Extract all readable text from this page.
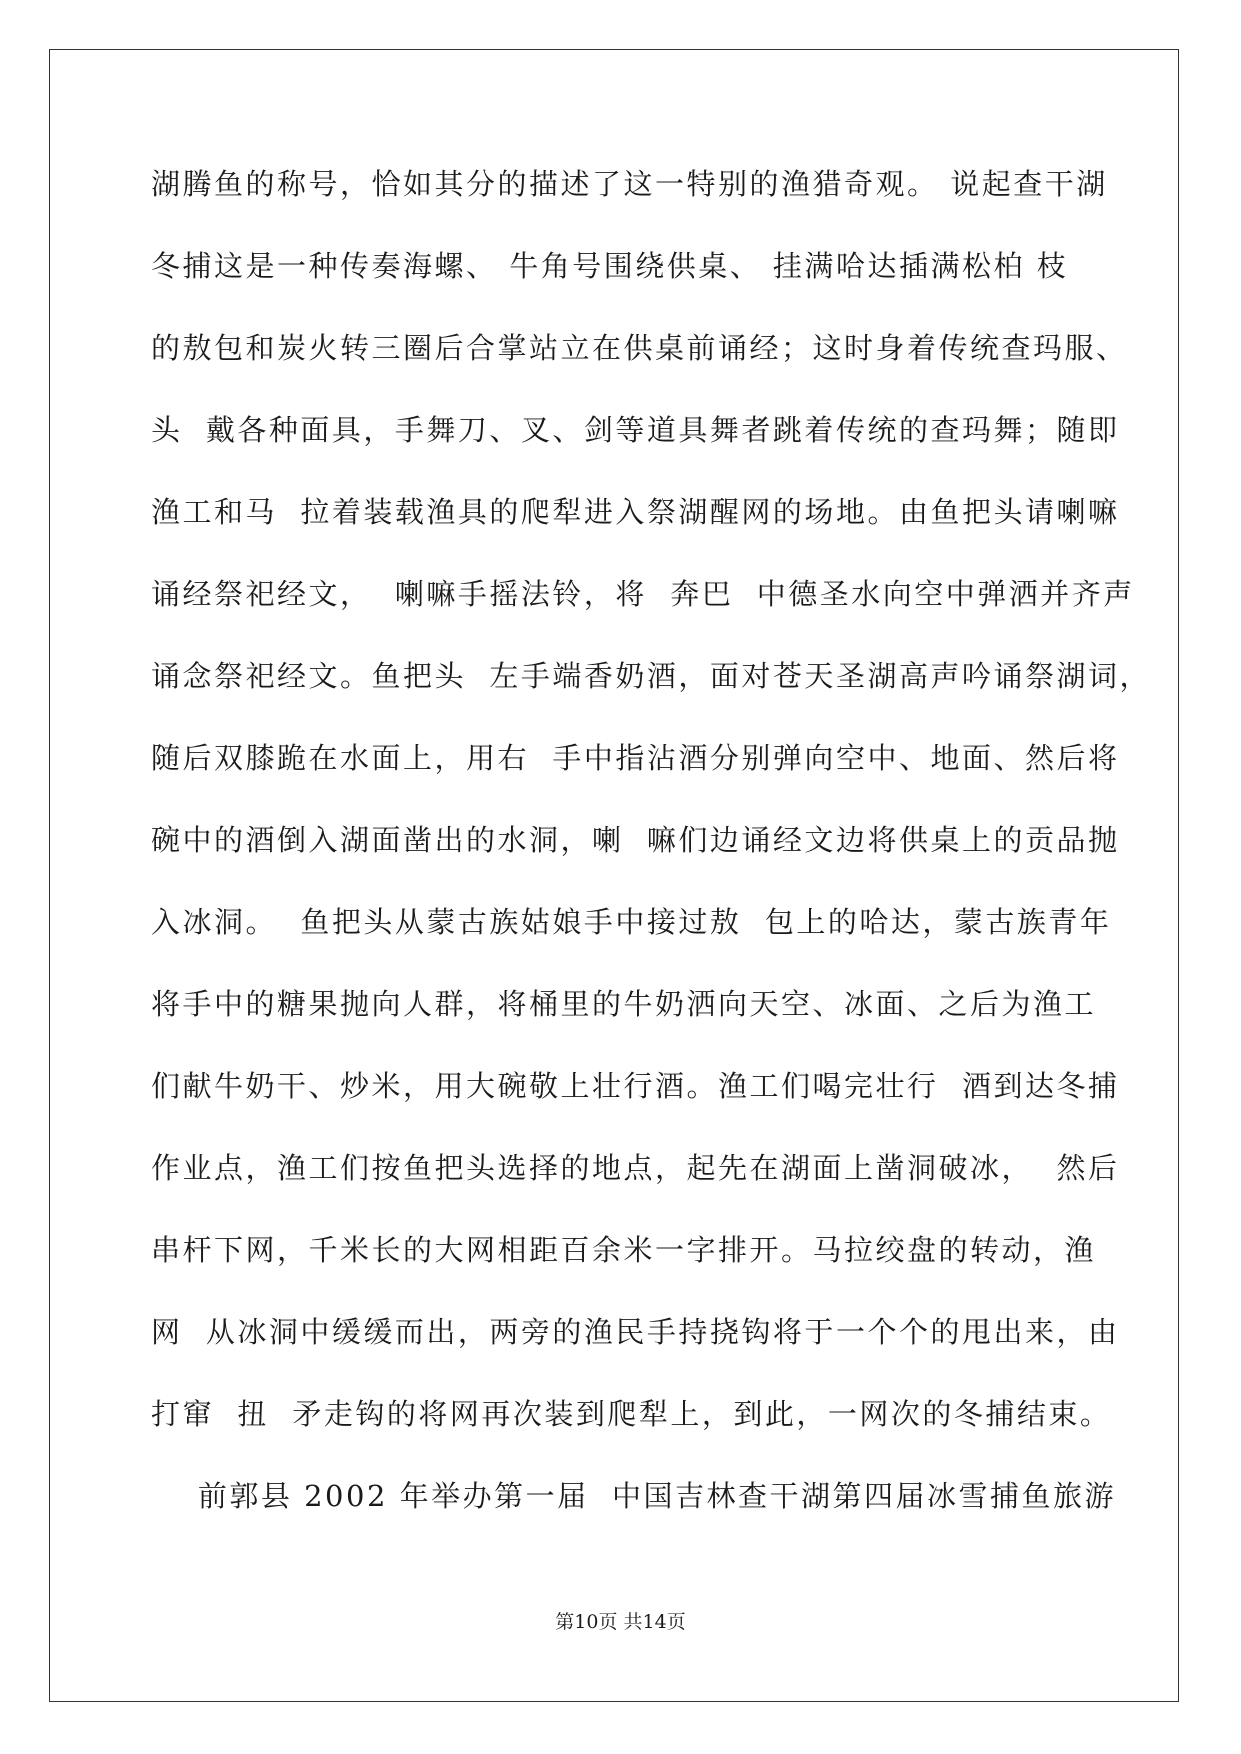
湖腾鱼的称号，恰如其分的描述了这一特别的渔猎奇观。 说起查干湖
冬捕这是一种传奏海螺、 牛角号围绕供桌、 挂满哈达插满松柏 枝
的敖包和炭火转三圈后合掌站立在供桌前诵经；这时身着传统查玛服、
头  戴各种面具，手舞刀、叉、剑等道具舞者跳着传统的查玛舞；随即
渔工和马  拉着装载渔具的爬犁进入祭湖醒网的场地。由鱼把头请喇嘛
诵经祭祀经文，  喇嘛手摇法铃，将  奔巴  中德圣水向空中弹洒并齐声
诵念祭祀经文。鱼把头  左手端香奶酒，面对苍天圣湖高声吟诵祭湖词，
随后双膝跪在水面上，用右  手中指沾酒分别弹向空中、地面、然后将
碗中的酒倒入湖面凿出的水洞，喇  嘛们边诵经文边将供桌上的贡品抛
入冰洞。  鱼把头从蒙古族姑娘手中接过敖  包上的哈达，蒙古族青年
将手中的糖果抛向人群，将桶里的牛奶洒向天空、冰面、之后为渔工
们献牛奶干、炒米，用大碗敬上壮行酒。渔工们喝完壮行  酒到达冬捕
作业点，渔工们按鱼把头选择的地点，起先在湖面上凿洞破冰，  然后
串杆下网，千米长的大网相距百余米一字排开。马拉绞盘的转动，渔
网  从冰洞中缓缓而出，两旁的渔民手持挠钩将于一个个的甩出来，由
打窜  扭  矛走钩的将网再次装到爬犁上，到此，一网次的冬捕结束。
前郭县 2002 年举办第一届  中国吉林查干湖第四届冰雪捕鱼旅游
第10页 共14页
